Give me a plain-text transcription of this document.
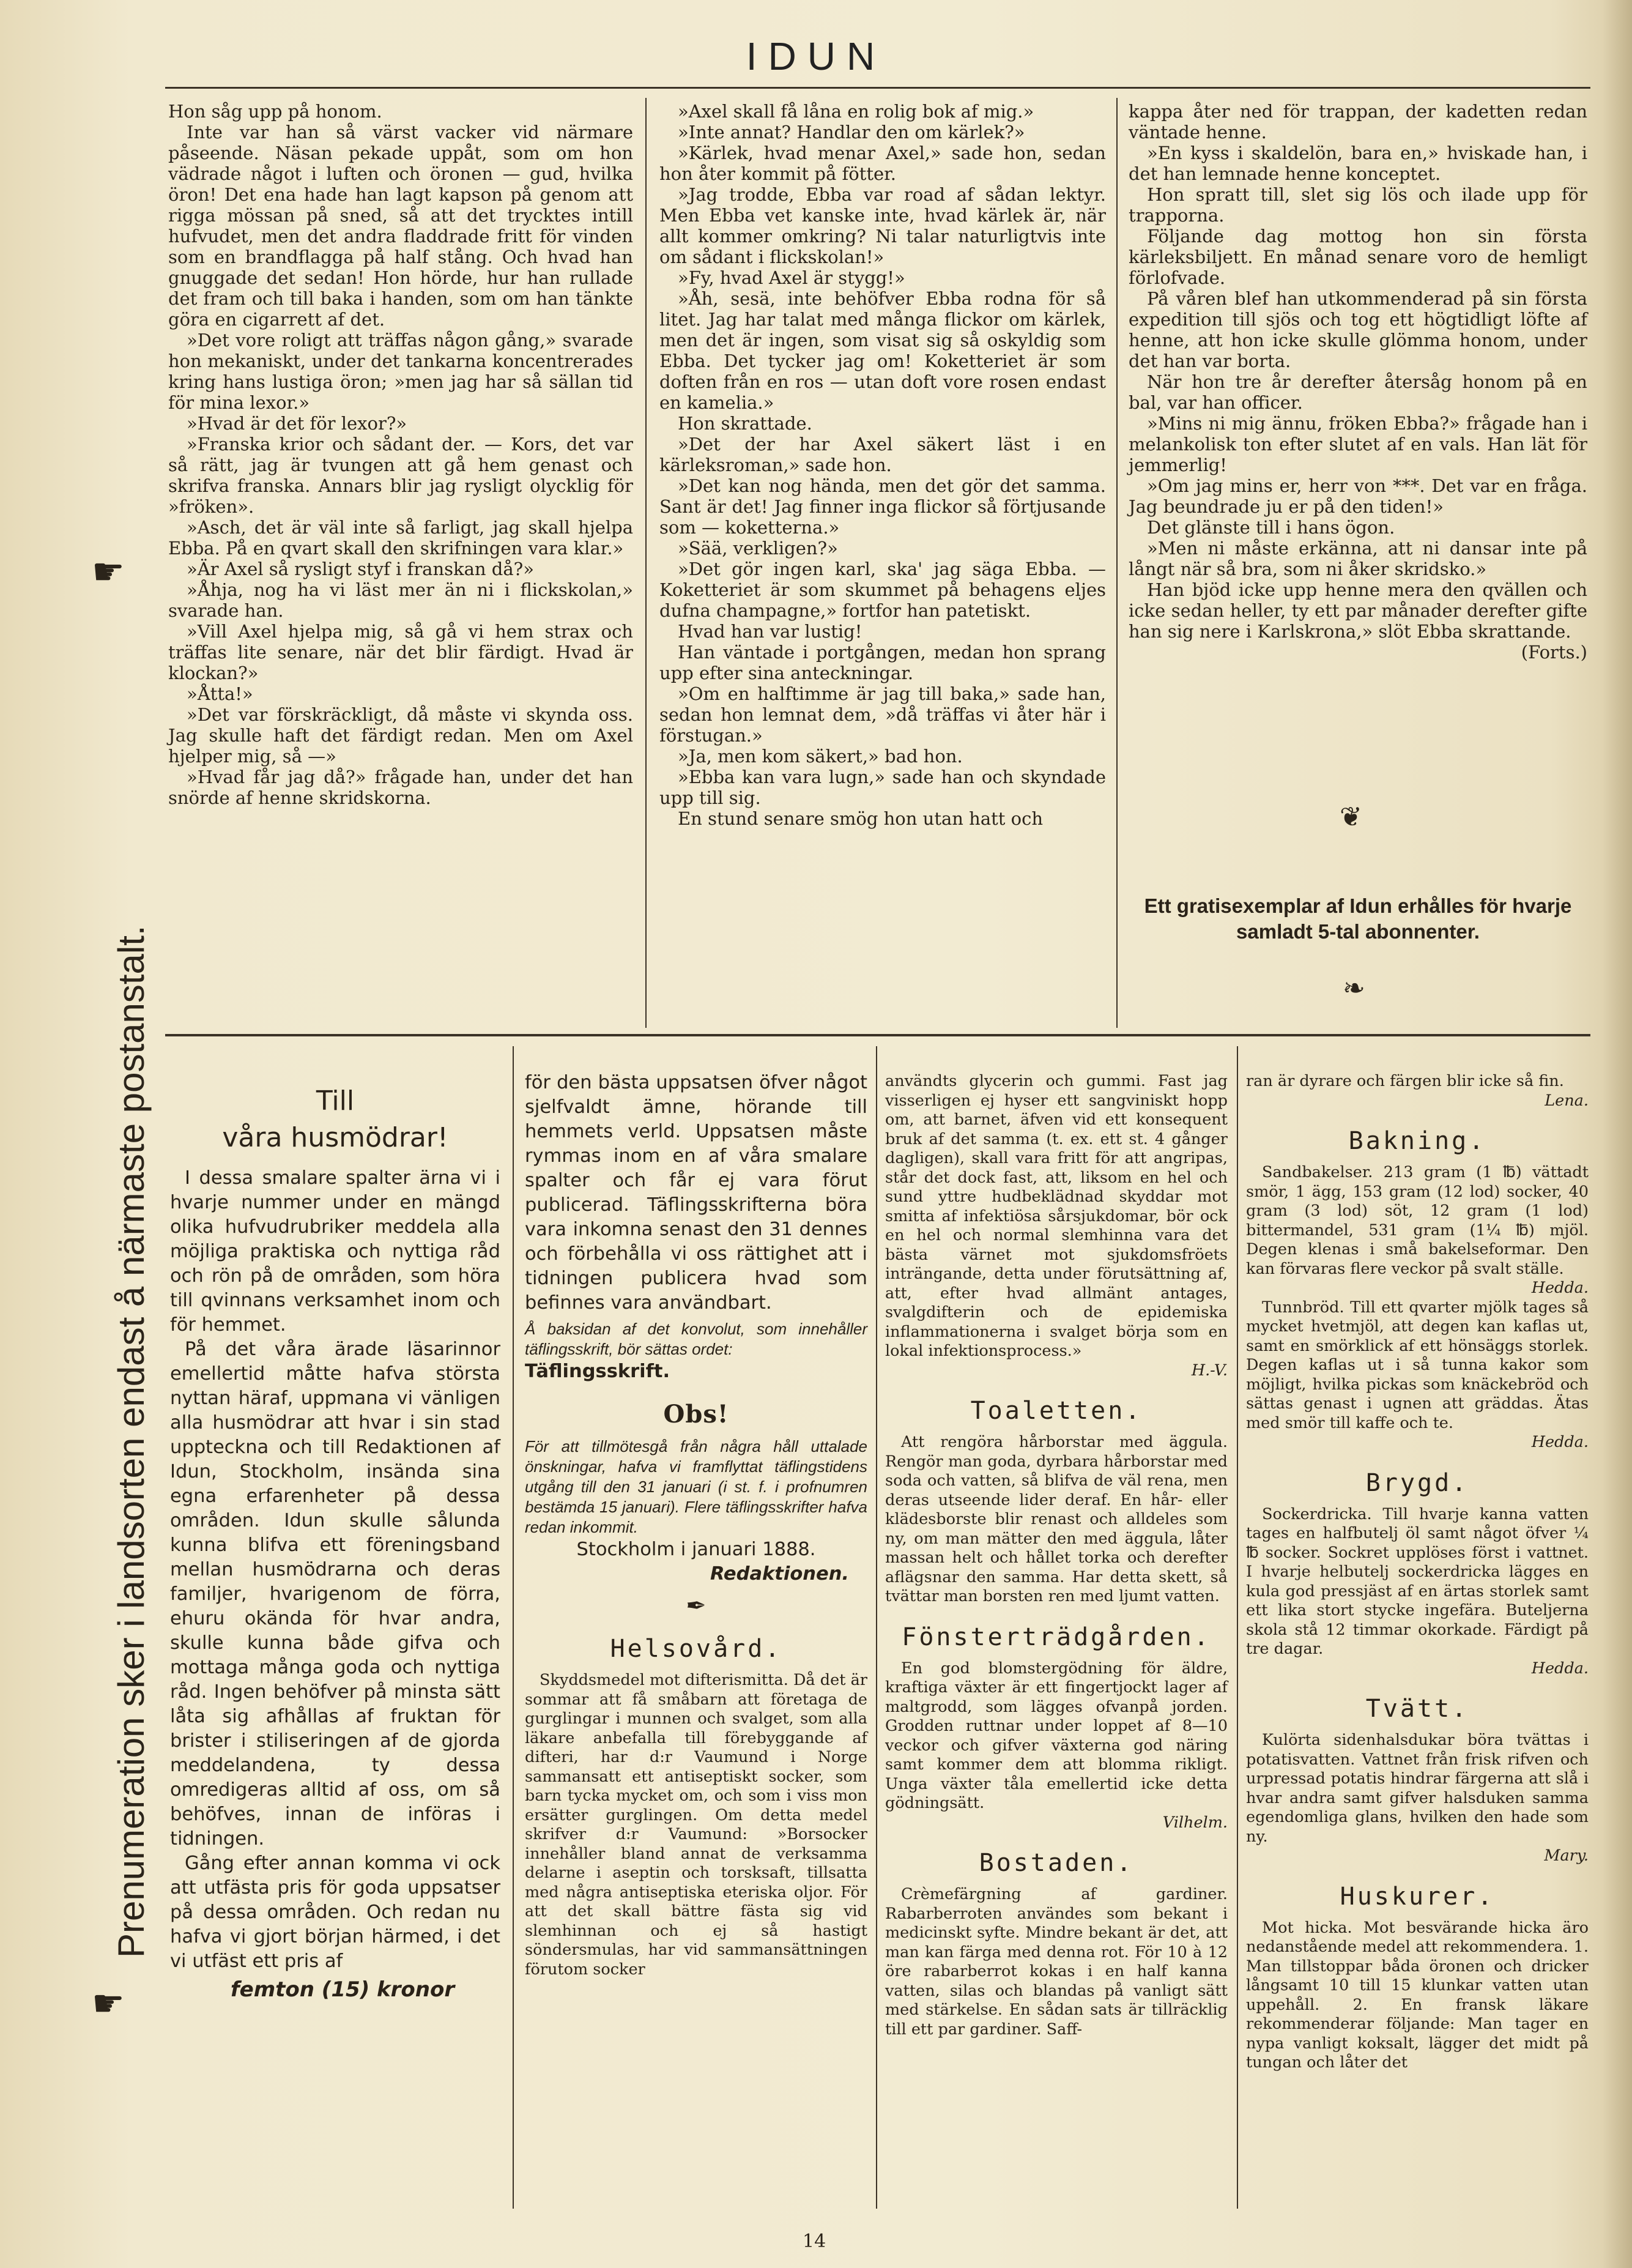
IDUN
☛
Prenumeration sker i landsorten endast å närmaste postanstalt.
☛

Hon såg upp på honom.

Inte var han så värst vacker vid närmare påseende. Näsan pekade uppåt, som om hon vädrade något i luften och öronen — gud, hvilka öron! Det ena hade han lagt kapson på genom att rigga mössan på sned, så att det trycktes intill hufvudet, men det andra fladdrade fritt för vinden som en brandflagga på half stång. Och hvad han gnuggade det sedan! Hon hörde, hur han rullade det fram och till baka i handen, som om han tänkte göra en cigarrett af det.

»Det vore roligt att träffas någon gång,» svarade hon mekaniskt, under det tankarna koncentrerades kring hans lustiga öron; »men jag har så sällan tid för mina lexor.»

»Hvad är det för lexor?»

»Franska krior och sådant der. — Kors, det var så rätt, jag är tvungen att gå hem genast och skrifva franska. Annars blir jag rysligt olycklig för »fröken».

»Asch, det är väl inte så farligt, jag skall hjelpa Ebba. På en qvart skall den skrifningen vara klar.»

»Är Axel så rysligt styf i franskan då?»

»Åhja, nog ha vi läst mer än ni i flickskolan,» svarade han.

»Vill Axel hjelpa mig, så gå vi hem strax och träffas lite senare, när det blir färdigt. Hvad är klockan?»

»Åtta!»

»Det var förskräckligt, då måste vi skynda oss. Jag skulle haft det färdigt redan. Men om Axel hjelper mig, så —»

»Hvad får jag då?» frågade han, under det han snörde af henne skridskorna.

»Axel skall få låna en rolig bok af mig.»

»Inte annat? Handlar den om kärlek?»

»Kärlek, hvad menar Axel,» sade hon, sedan hon åter kommit på fötter.

»Jag trodde, Ebba var road af sådan lektyr. Men Ebba vet kanske inte, hvad kärlek är, när allt kommer omkring? Ni talar naturligtvis inte om sådant i flickskolan!»

»Fy, hvad Axel är stygg!»

»Åh, sesä, inte behöfver Ebba rodna för så litet. Jag har talat med många flickor om kärlek, men det är ingen, som visat sig så oskyldig som Ebba. Det tycker jag om! Koketteriet är som doften från en ros — utan doft vore rosen endast en kamelia.»

Hon skrattade.

»Det der har Axel säkert läst i en kärleksroman,» sade hon.

»Det kan nog hända, men det gör det samma. Sant är det! Jag finner inga flickor så förtjusande som — koketterna.»

»Sää, verkligen?»

»Det gör ingen karl, ska' jag säga Ebba. — Koketteriet är som skummet på behagens eljes dufna champagne,» fortfor han patetiskt.

Hvad han var lustig!

Han väntade i portgången, medan hon sprang upp efter sina anteckningar.

»Om en halftimme är jag till baka,» sade han, sedan hon lemnat dem, »då träffas vi åter här i förstugan.»

»Ja, men kom säkert,» bad hon.

»Ebba kan vara lugn,» sade han och skyndade upp till sig.

En stund senare smög hon utan hatt och

kappa åter ned för trappan, der kadetten redan väntade henne.

»En kyss i skaldelön, bara en,» hviskade han, i det han lemnade henne konceptet.

Hon spratt till, slet sig lös och ilade upp för trapporna.

Följande dag mottog hon sin första kärleksbiljett. En månad senare voro de hemligt förlofvade.

På våren blef han utkommenderad på sin första expedition till sjös och tog ett högtidligt löfte af henne, att hon icke skulle glömma honom, under det han var borta.

När hon tre år derefter återsåg honom på en bal, var han officer.

»Mins ni mig ännu, fröken Ebba?» frågade han i melankolisk ton efter slutet af en vals. Han lät för jemmerlig!

»Om jag mins er, herr von ***. Det var en fråga. Jag beundrade ju er på den tiden!»

Det glänste till i hans ögon.

»Men ni måste erkänna, att ni dansar inte på långt när så bra, som ni åker skridsko.»

Han bjöd icke upp henne mera den qvällen och icke sedan heller, ty ett par månader derefter gifte han sig nere i Karlskrona,» slöt Ebba skrattande.

(Forts.)

❦
Ett gratisexemplar af Idun erhålles för hvarje samladt 5-tal abonnenter.
❧
Till
våra husmödrar!

I dessa smalare spalter ärna vi i hvarje nummer under en mängd olika hufvudrubriker meddela alla möjliga praktiska och nyttiga råd och rön på de områden, som höra till qvinnans verksamhet inom och för hemmet.

På det våra ärade läsarinnor emellertid måtte hafva största nyttan häraf, uppmana vi vänligen alla husmödrar att hvar i sin stad uppteckna och till Redaktionen af Idun, Stockholm, insända sina egna erfarenheter på dessa områden. Idun skulle sålunda kunna blifva ett föreningsband mellan husmödrarna och deras familjer, hvarigenom de förra, ehuru okända för hvar andra, skulle kunna både gifva och mottaga många goda och nyttiga råd. Ingen behöfver på minsta sätt låta sig afhållas af fruktan för brister i stiliseringen af de gjorda meddelandena, ty dessa omredigeras alltid af oss, om så behöfves, innan de införas i tidningen.

Gång efter annan komma vi ock att utfästa pris för goda uppsatser på dessa områden. Och redan nu hafva vi gjort början härmed, i det vi utfäst ett pris af

femton (15) kronor

för den bästa uppsatsen öfver något sjelfvaldt ämne, hörande till hemmets verld. Uppsatsen måste rymmas inom en af våra smalare spalter och får ej vara förut publicerad. Täflingsskrifterna böra vara inkomna senast den 31 dennes och förbehålla vi oss rättighet att i tidningen publicera hvad som befinnes vara användbart.

Å baksidan af det konvolut, som innehåller täflingsskrift, bör sättas ordet:

Täflingsskrift.

Obs!

För att tillmötesgå från några håll uttalade önskningar, hafva vi framflyttat täflingstidens utgång till den 31 januari (i st. f. i profnumren bestämda 15 januari). Flere täflingsskrifter hafva redan inkommit.

Stockholm i januari 1888.

Redaktionen.

✒
Helsovård.

Skyddsmedel mot difterismitta. Då det är sommar att få småbarn att företaga de gurglingar i munnen och svalget, som alla läkare anbefalla till förebyggande af difteri, har d:r Vaumund i Norge sammansatt ett antiseptiskt socker, som barn tycka mycket om, och som i viss mon ersätter gurglingen. Om detta medel skrifver d:r Vaumund: »Borsocker innehåller bland annat de verksamma delarne i aseptin och torsksaft, tillsatta med några antiseptiska eteriska oljor. För att det skall bättre fästa sig vid slemhinnan och ej så hastigt söndersmulas, har vid sammansättningen förutom socker

användts glycerin och gummi. Fast jag visserligen ej hyser ett sangviniskt hopp om, att barnet, äfven vid ett konsequent bruk af det samma (t. ex. ett st. 4 gånger dagligen), skall vara fritt för att angripas, står det dock fast, att, liksom en hel och sund yttre hudbeklädnad skyddar mot smitta af infektiösa sårsjukdomar, bör ock en hel och normal slemhinna vara det bästa värnet mot sjukdomsfröets inträngande, detta under förutsättning af, att, efter hvad allmänt antages, svalgdifterin och de epidemiska inflammationerna i svalget börja som en lokal infektionsprocess.»

H.-V.

Toaletten.

Att rengöra hårborstar med äggula. Rengör man goda, dyrbara hårborstar med soda och vatten, så blifva de väl rena, men deras utseende lider deraf. En hår- eller klädesborste blir renast och alldeles som ny, om man mätter den med äggula, låter massan helt och hållet torka och derefter aflägsnar den samma. Har detta skett, så tvättar man borsten ren med ljumt vatten.

Fönsterträdgården.

En god blomstergödning för äldre, kraftiga växter är ett fingertjockt lager af maltgrodd, som lägges ofvanpå jorden. Grodden ruttnar under loppet af 8—10 veckor och gifver växterna god näring samt kommer dem att blomma rikligt. Unga växter tåla emellertid icke detta gödningsätt.

Vilhelm.

Bostaden.

Crèmefärgning af gardiner. Rabarberroten användes som bekant i medicinskt syfte. Mindre bekant är det, att man kan färga med denna rot. För 10 à 12 öre rabarberrot kokas i en half kanna vatten, silas och blandas på vanligt sätt med stärkelse. En sådan sats är tillräcklig till ett par gardiner. Saff-

ran är dyrare och färgen blir icke så fin.

Lena.

Bakning.

Sandbakelser. 213 gram (1 ℔) vättadt smör, 1 ägg, 153 gram (12 lod) socker, 40 gram (3 lod) söt, 12 gram (1 lod) bittermandel, 531 gram (1¼ ℔) mjöl. Degen klenas i små bakelseformar. Den kan förvaras flere veckor på svalt ställe.

Hedda.

Tunnbröd. Till ett qvarter mjölk tages så mycket hvetmjöl, att degen kan kaflas ut, samt en smörklick af ett hönsäggs storlek. Degen kaflas ut i så tunna kakor som möjligt, hvilka pickas som knäckebröd och sättas genast i ugnen att gräddas. Ätas med smör till kaffe och te.

Hedda.

Brygd.

Sockerdricka. Till hvarje kanna vatten tages en halfbutelj öl samt något öfver ¼ ℔ socker. Sockret upplöses först i vattnet. I hvarje helbutelj sockerdricka lägges en kula god pressjäst af en ärtas storlek samt ett lika stort stycke ingefära. Buteljerna skola stå 12 timmar okorkade. Färdigt på tre dagar.

Hedda.

Tvätt.

Kulörta sidenhalsdukar böra tvättas i potatisvatten. Vattnet från frisk rifven och urpressad potatis hindrar färgerna att slå i hvar andra samt gifver halsduken samma egendomliga glans, hvilken den hade som ny.

Mary.

Huskurer.

Mot hicka. Mot besvärande hicka äro nedanstående medel att rekommendera. 1. Man tillstoppar båda öronen och dricker långsamt 10 till 15 klunkar vatten utan uppehåll. 2. En fransk läkare rekommenderar följande: Man tager en nypa vanligt koksalt, lägger det midt på tungan och låter det

14
